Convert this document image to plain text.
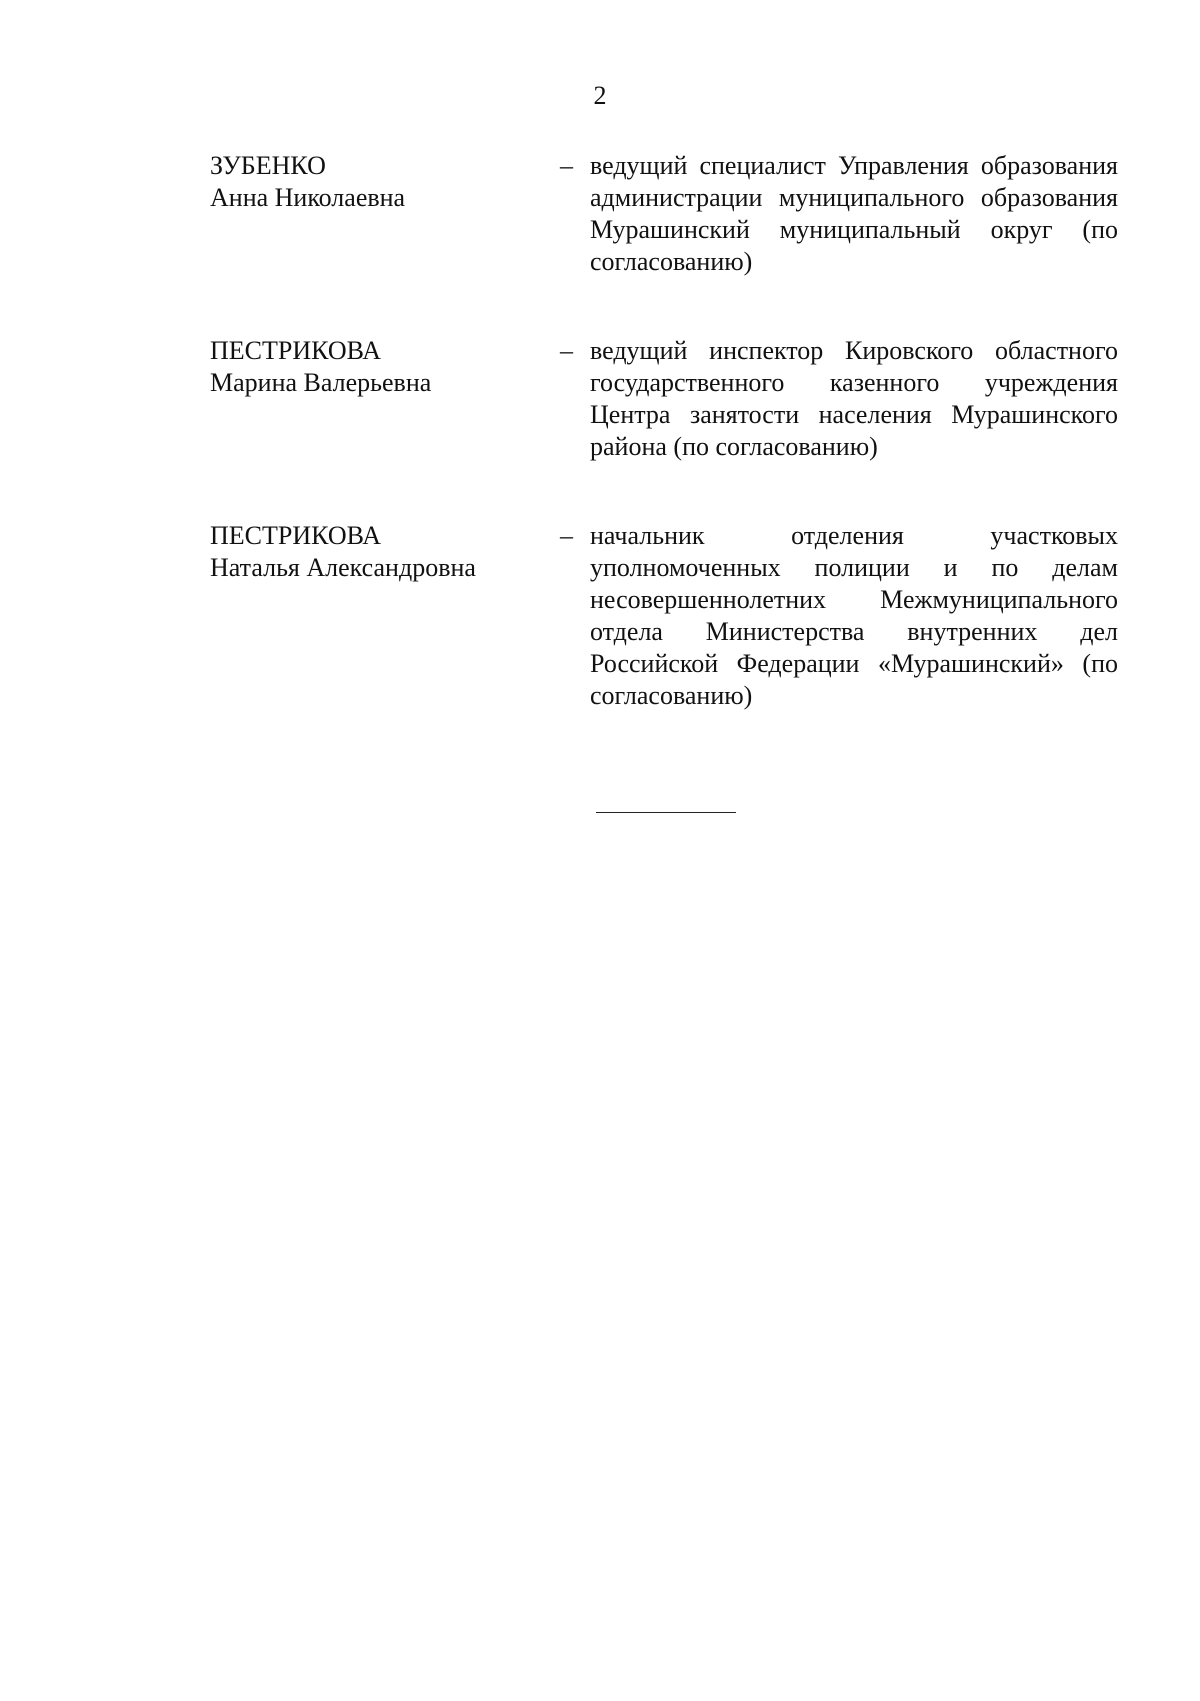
2
ЗУБЕНКО
Анна Николаевна
– ведущий специалист Управления образования администрации муниципального образования Мурашинский муниципальный округ (по согласованию)
ПЕСТРИКОВА
Марина Валерьевна
– ведущий инспектор Кировского областного государственного казенного учреждения Центра занятости населения Мурашинского района (по согласованию)
ПЕСТРИКОВА
Наталья Александровна
– начальник отделения участковых уполномоченных полиции и по делам несовершеннолетних Межмуниципального отдела Министерства внутренних дел Российской Федерации «Мурашинский» (по согласованию)
